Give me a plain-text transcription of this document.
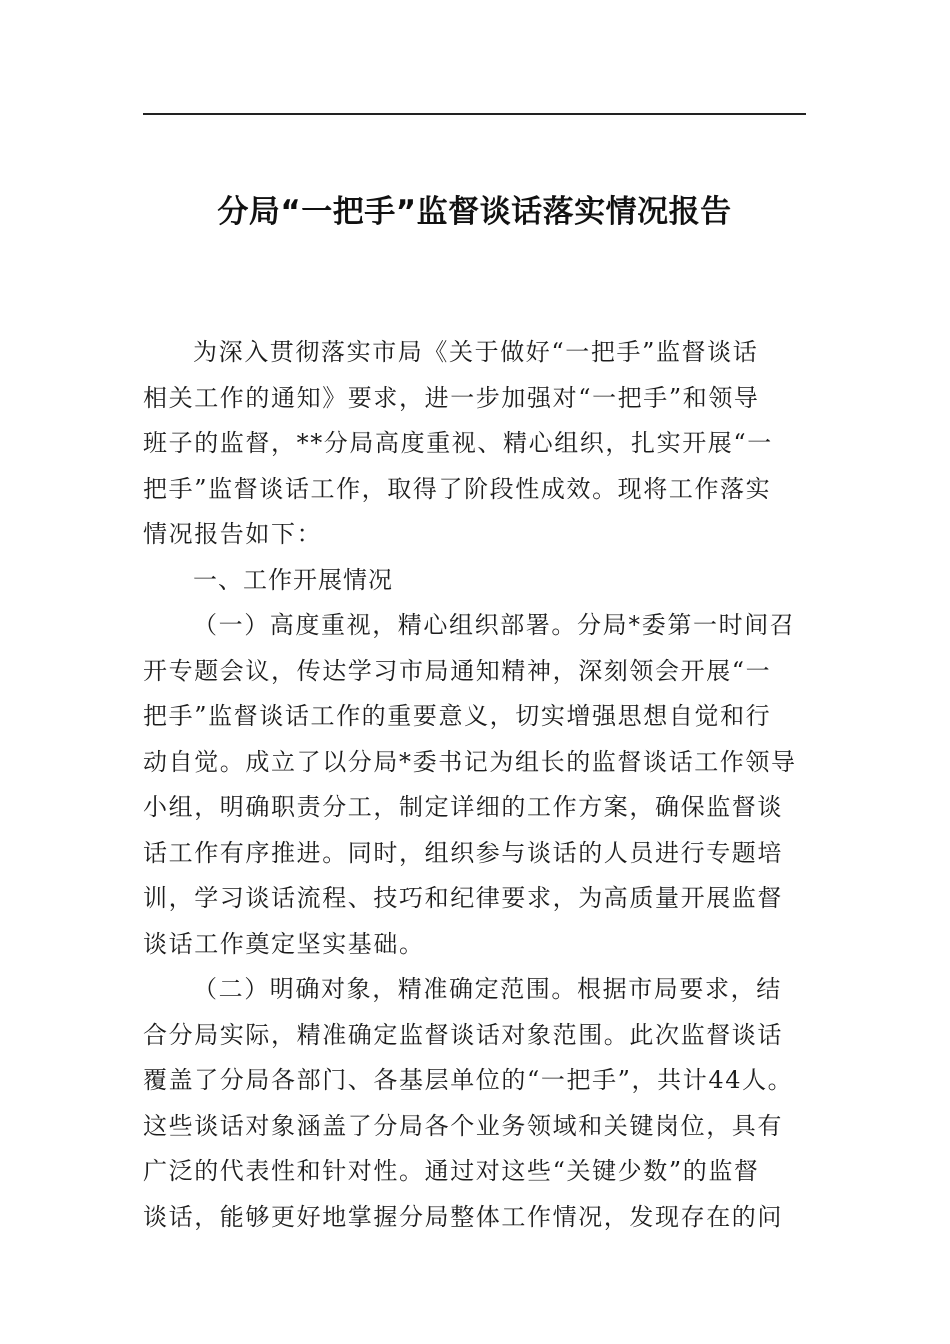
分局“一把手”监督谈话落实情况报告
为深入贯彻落实市局《关于做好“一把手”监督谈话
相关工作的通知》要求，进一步加强对“一把手”和领导
班子的监督，**分局高度重视、精心组织，扎实开展“一
把手”监督谈话工作，取得了阶段性成效。现将工作落实
情况报告如下：
一、工作开展情况
（一）高度重视，精心组织部署。分局*委第一时间召
开专题会议，传达学习市局通知精神，深刻领会开展“一
把手”监督谈话工作的重要意义，切实增强思想自觉和行
动自觉。成立了以分局*委书记为组长的监督谈话工作领导
小组，明确职责分工，制定详细的工作方案，确保监督谈
话工作有序推进。同时，组织参与谈话的人员进行专题培
训，学习谈话流程、技巧和纪律要求，为高质量开展监督
谈话工作奠定坚实基础。
（二）明确对象，精准确定范围。根据市局要求，结
合分局实际，精准确定监督谈话对象范围。此次监督谈话
覆盖了分局各部门、各基层单位的“一把手”，共计44人。
这些谈话对象涵盖了分局各个业务领域和关键岗位，具有
广泛的代表性和针对性。通过对这些“关键少数”的监督
谈话，能够更好地掌握分局整体工作情况，发现存在的问
